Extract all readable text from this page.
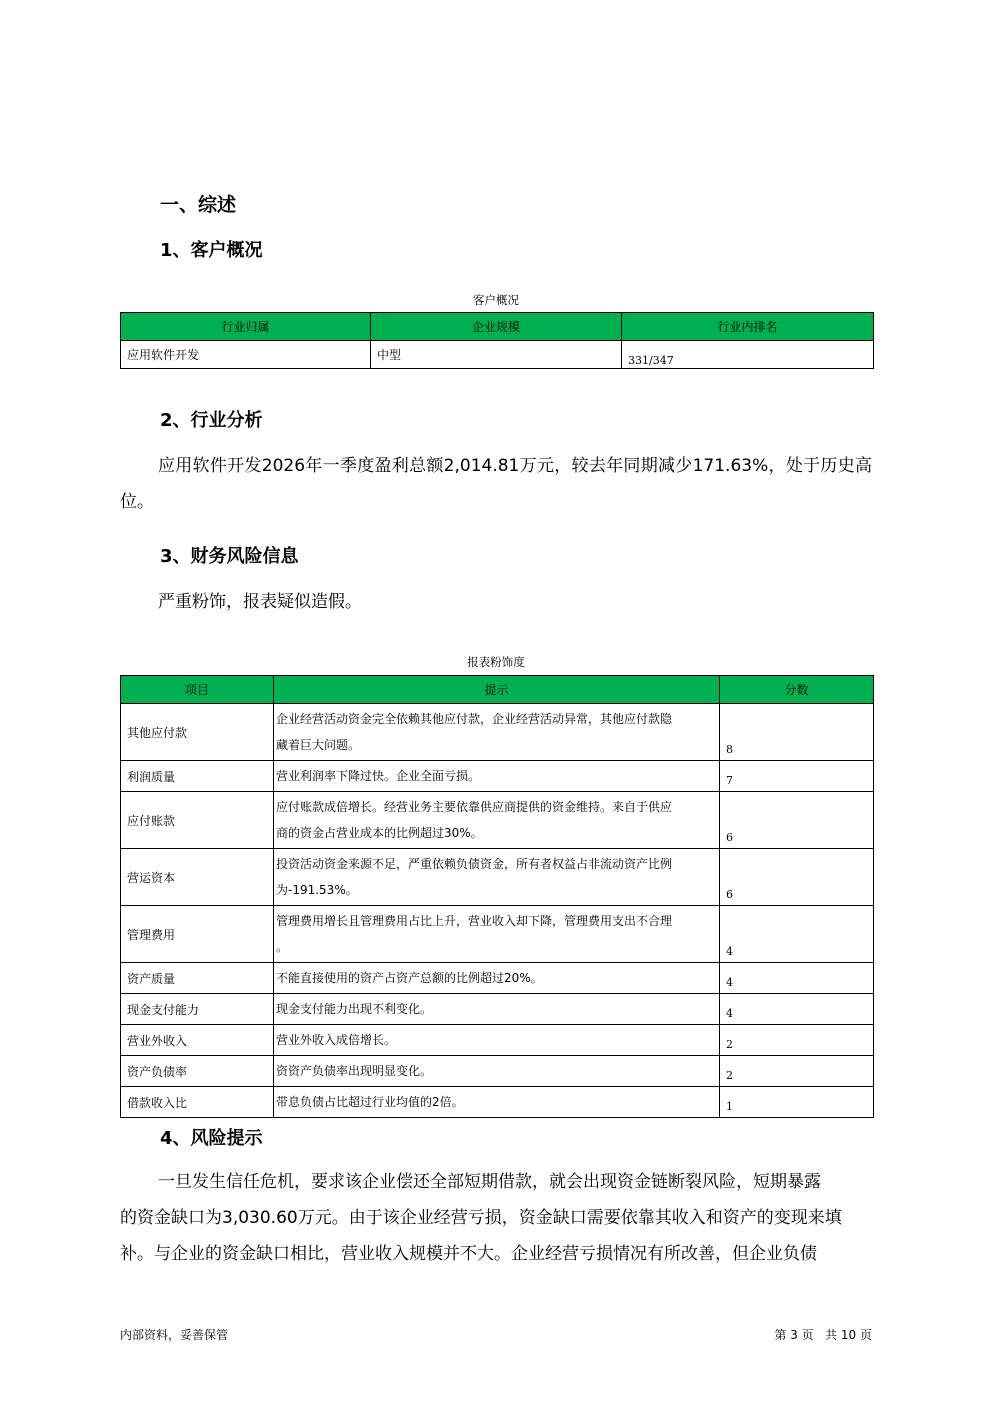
一、综述
1、客户概况
客户概况
行业归属	企业规模	行业内排名
应用软件开发	中型	331/347
2、行业分析
应用软件开发2026年一季度盈利总额2,014.81万元，较去年同期减少171.63%，处于历史高位。
3、财务风险信息
严重粉饰，报表疑似造假。
报表粉饰度
项目	提示	分数
其他应付款	企业经营活动资金完全依赖其他应付款，企业经营活动异常，其他应付款隐
藏着巨大问题。	8
利润质量	营业利润率下降过快。企业全面亏损。	7
应付账款	应付账款成倍增长。经营业务主要依靠供应商提供的资金维持。来自于供应
商的资金占营业成本的比例超过30%。	6
营运资本	投资活动资金来源不足，严重依赖负债资金，所有者权益占非流动资产比例
为-191.53%。	6
管理费用	管理费用增长且管理费用占比上升，营业收入却下降，管理费用支出不合理
。	4
资产质量	不能直接使用的资产占资产总额的比例超过20%。	4
现金支付能力	现金支付能力出现不利变化。	4
营业外收入	营业外收入成倍增长。	2
资产负债率	资资产负债率出现明显变化。	2
借款收入比	带息负债占比超过行业均值的2倍。	1
4、风险提示
一旦发生信任危机，要求该企业偿还全部短期借款，就会出现资金链断裂风险，短期暴露
的资金缺口为3,030.60万元。由于该企业经营亏损，资金缺口需要依靠其收入和资产的变现来填
补。与企业的资金缺口相比，营业收入规模并不大。企业经营亏损情况有所改善，但企业负债
内部资料，妥善保管	第 3 页   共 10 页
